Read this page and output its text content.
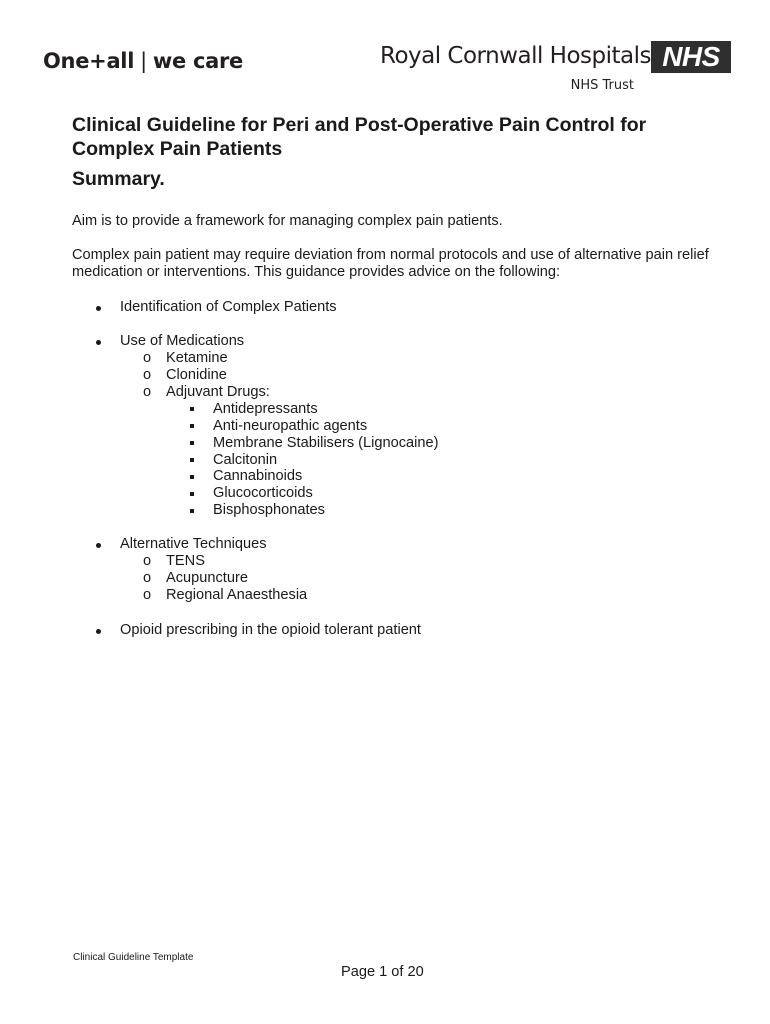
One+all | we care	Royal Cornwall Hospitals
NHS Trust
NHS
Clinical Guideline for Peri and Post-Operative Pain Control for Complex Pain Patients
Summary.

Aim is to provide a framework for managing complex pain patients.

Complex pain patient may require deviation from normal protocols and use of alternative pain relief medication or interventions. This guidance provides advice on the following:

Identification of Complex Patients
Use of Medications
o Ketamine
o Clonidine
o Adjuvant Drugs:
Antidepressants
Anti-neuropathic agents
Membrane Stabilisers (Lignocaine)
Calcitonin
Cannabinoids
Glucocorticoids
Bisphosphonates
Alternative Techniques
o TENS
o Acupuncture
o Regional Anaesthesia
Opioid prescribing in the opioid tolerant patient
Clinical Guideline Template
Page 1 of 20
